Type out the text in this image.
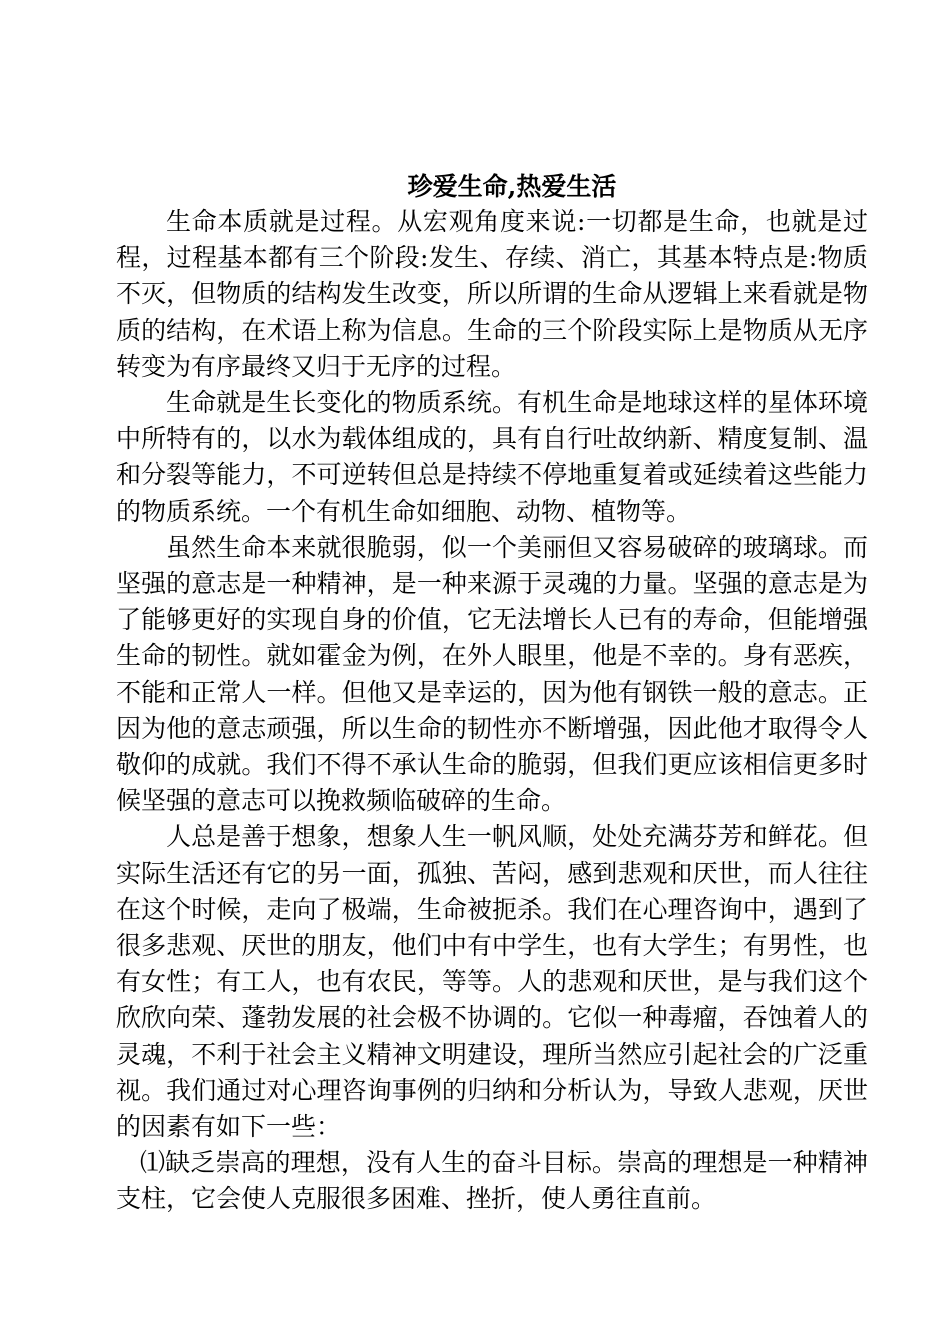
珍爱生命,热爱生活

生命本质就是过程。从宏观角度来说:一切都是生命，也就是过程，过程基本都有三个阶段:发生、存续、消亡，其基本特点是:物质不灭，但物质的结构发生改变，所以所谓的生命从逻辑上来看就是物质的结构，在术语上称为信息。生命的三个阶段实际上是物质从无序转变为有序最终又归于无序的过程。

生命就是生长变化的物质系统。有机生命是地球这样的星体环境中所特有的，以水为载体组成的，具有自行吐故纳新、精度复制、温和分裂等能力，不可逆转但总是持续不停地重复着或延续着这些能力的物质系统。一个有机生命如细胞、动物、植物等。

虽然生命本来就很脆弱，似一个美丽但又容易破碎的玻璃球。而坚强的意志是一种精神，是一种来源于灵魂的力量。坚强的意志是为了能够更好的实现自身的价值，它无法增长人已有的寿命，但能增强生命的韧性。就如霍金为例，在外人眼里，他是不幸的。身有恶疾，不能和正常人一样。但他又是幸运的，因为他有钢铁一般的意志。正因为他的意志顽强，所以生命的韧性亦不断增强，因此他才取得令人敬仰的成就。我们不得不承认生命的脆弱，但我们更应该相信更多时候坚强的意志可以挽救频临破碎的生命。

人总是善于想象，想象人生一帆风顺，处处充满芬芳和鲜花。但实际生活还有它的另一面，孤独、苦闷，感到悲观和厌世，而人往往在这个时候，走向了极端，生命被扼杀。我们在心理咨询中，遇到了很多悲观、厌世的朋友，他们中有中学生，也有大学生；有男性，也有女性；有工人，也有农民，等等。人的悲观和厌世，是与我们这个欣欣向荣、蓬勃发展的社会极不协调的。它似一种毒瘤，吞蚀着人的灵魂，不利于社会主义精神文明建设，理所当然应引起社会的广泛重视。我们通过对心理咨询事例的归纳和分析认为，导致人悲观，厌世的因素有如下一些：

⑴缺乏崇高的理想，没有人生的奋斗目标。崇高的理想是一种精神支柱，它会使人克服很多困难、挫折，使人勇往直前。
